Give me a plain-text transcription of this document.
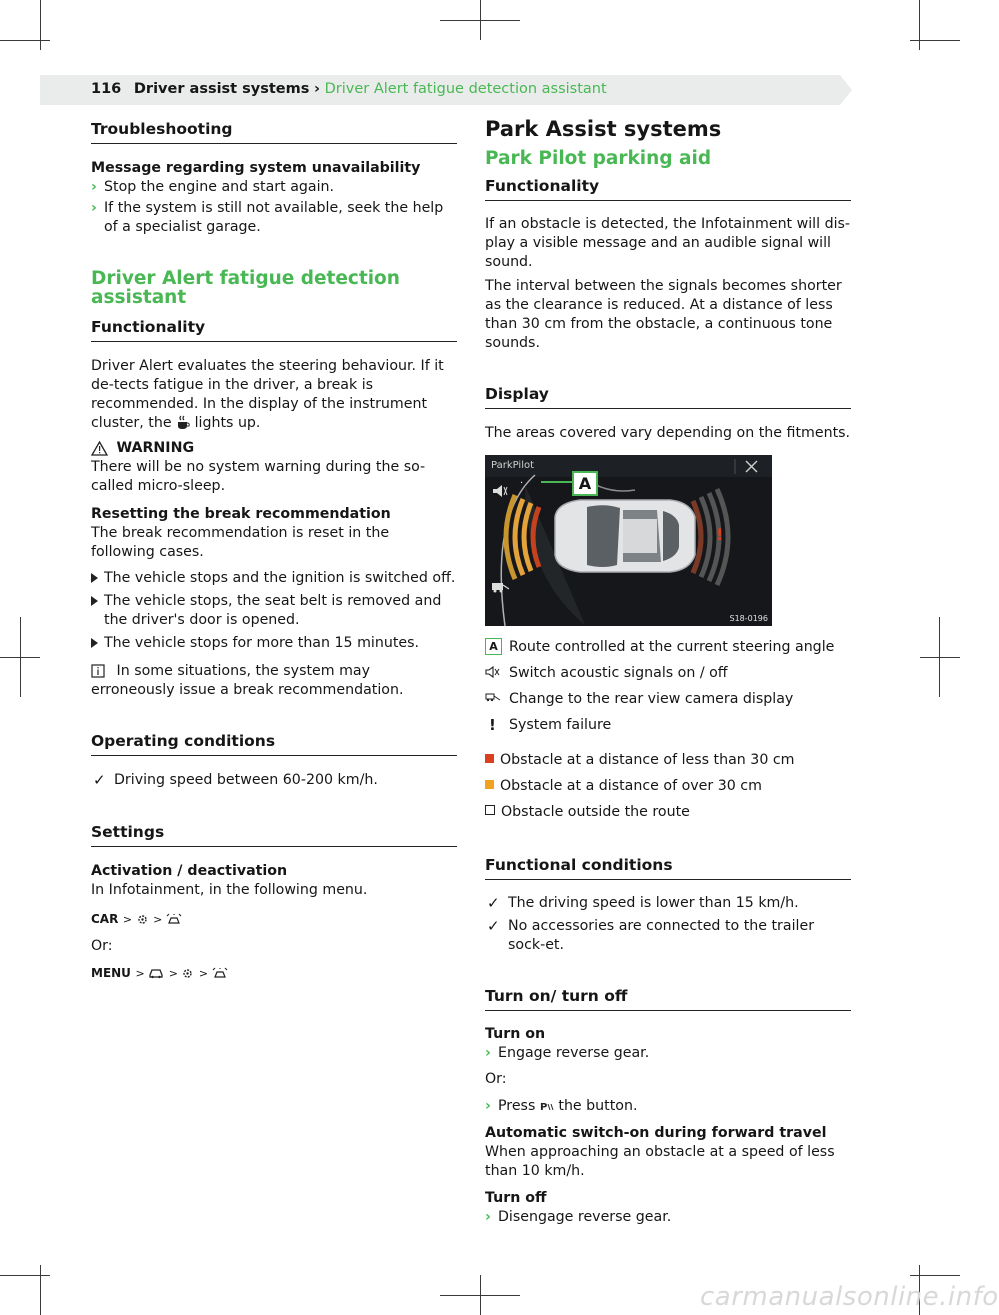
116 Driver assist systems › Driver Alert fatigue detection assistant
Troubleshooting

Message regarding system unavailability

› Stop the engine and start again.
› If the system is still not available, seek the help of a specialist garage.
Driver Alert fatigue detection assistant
Functionality

Driver Alert evaluates the steering behaviour. If it de-tects fatigue in the driver, a break is recommended. In the display of the instrument cluster, the lights up.

WARNING

There will be no system warning during the so-called micro-sleep.

Resetting the break recommendation

The break recommendation is reset in the following cases.

The vehicle stops and the ignition is switched off.
The vehicle stops, the seat belt is removed and the driver's door is opened.
The vehicle stops for more than 15 minutes.

In some situations, the system may erroneously issue a break recommendation.

Operating conditions
✓ Driving speed between 60-200 km/h.
Settings

Activation / deactivation

In Infotainment, in the following menu.

CAR >  >

Or:

MENU >  >  >

Park Assist systems
Park Pilot parking aid
Functionality

If an obstacle is detected, the Infotainment will dis-play a visible message and an audible signal will sound.

The interval between the signals becomes shorter as the clearance is reduced. At a distance of less than 30 cm from the obstacle, a continuous tone sounds.

Display

The areas covered vary depending on the fitments.

.
!
ParkPilot
A
S18-0196
A Route controlled at the current steering angle
Switch acoustic signals on / off
Change to the rear view camera display
! System failure

Obstacle at a distance of less than 30 cm

Obstacle at a distance of over 30 cm

Obstacle outside the route

Functional conditions
✓ The driving speed is lower than 15 km/h.
✓ No accessories are connected to the trailer sock-et.
Turn on/ turn off

Turn on

› Engage reverse gear.

Or:

› Press P the button.

Automatic switch-on during forward travel

When approaching an obstacle at a speed of less than 10 km/h.

Turn off

› Disengage reverse gear.
carmanualsonline.info
